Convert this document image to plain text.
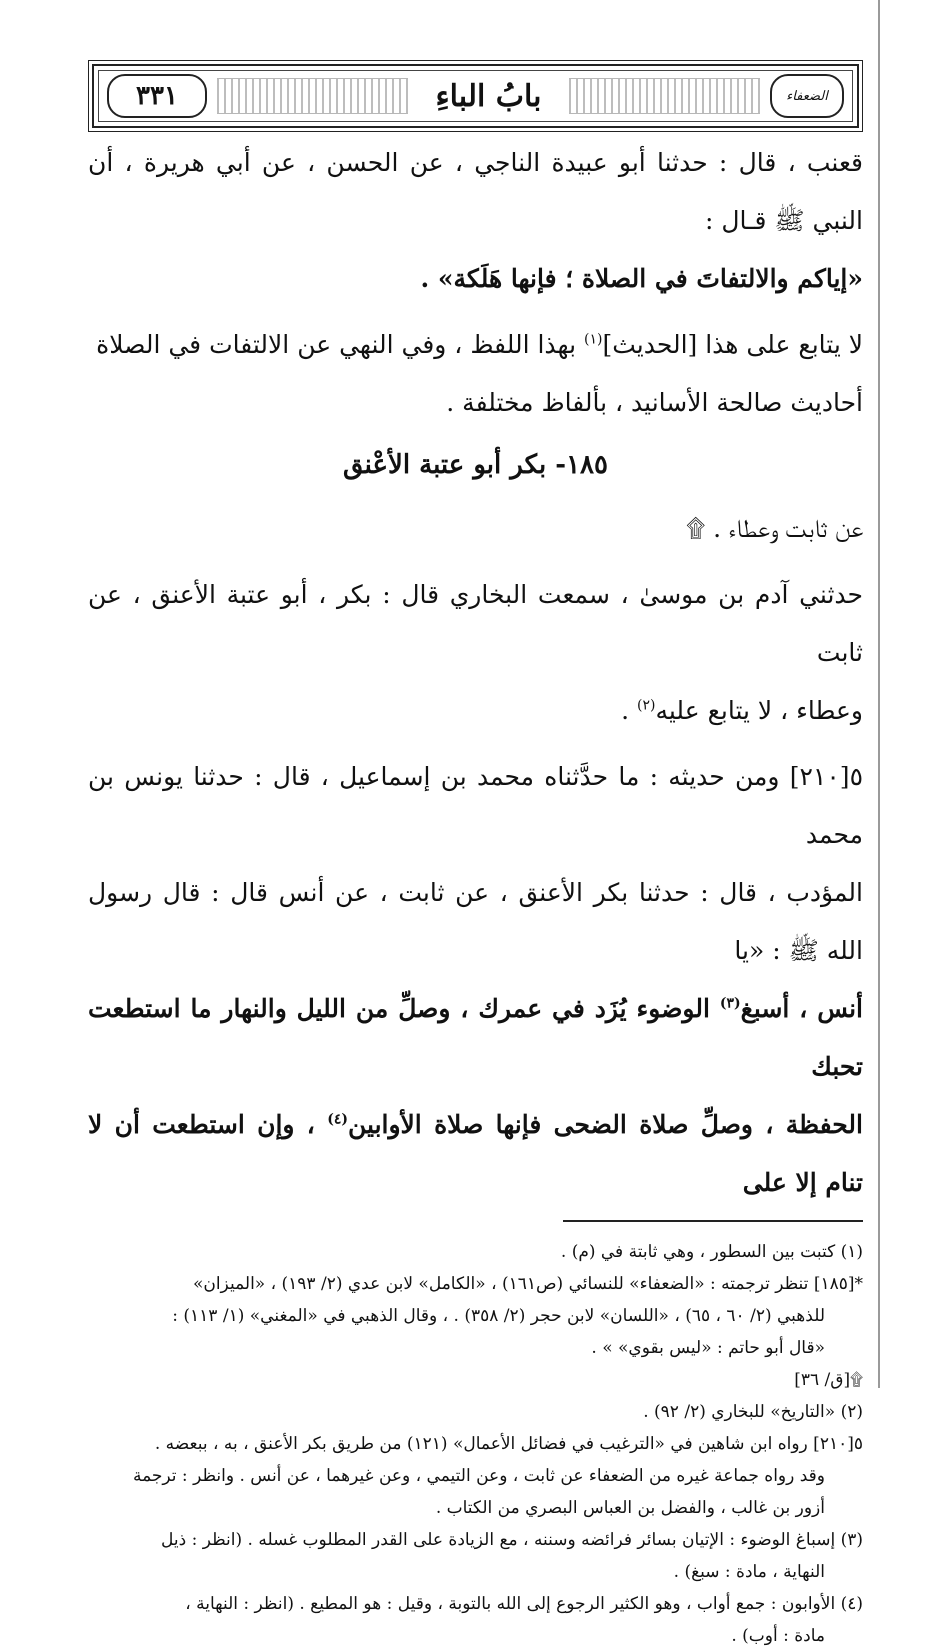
الضعفاء
بابُ الباءِ
٣٣١

قعنب ، قال : حدثنا أبو عبيدة الناجي ، عن الحسن ، عن أبي هريرة ، أن النبي ﷺ قـال :

«إياكم والالتفاتَ في الصلاة ؛ فإنها هَلَكة» .

لا يتابع على هذا [الحديث]$^{(١)}$ بهذا اللفظ ، وفي النهي عن الالتفات في الصلاة

أحاديث صالحة الأسانيد ، بألفاظ مختلفة .

١٨٥- بكر أبو عتبة الأعْنق

عن ثابت وعطاء . ۩

حدثني آدم بن موسىٰ ، سمعت البخاري قال : بكر ، أبو عتبة الأعنق ، عن ثابت

وعطاء ، لا يتابع عليه$^{(٢)}$ .

٥[٢١٠] ومن حديثه : ما حدَّثناه محمد بن إسماعيل ، قال : حدثنا يونس بن محمد

المؤدب ، قال : حدثنا بكر الأعنق ، عن ثابت ، عن أنس قال : قال رسول الله ﷺ : «يا

أنس ، أسبغ$^{(٣)}$ الوضوء يُزَد في عمرك ، وصلِّ من الليل والنهار ما استطعت تحبك

الحفظة ، وصلِّ صلاة الضحى فإنها صلاة الأوابين$^{(٤)}$ ، وإن استطعت أن لا تنام إلا على

(١) كتبت بين السطور ، وهي ثابتة في (م) .

*[١٨٥] تنظر ترجمته : «الضعفاء» للنسائي (ص١٦١) ، «الكامل» لابن عدي (٢/ ١٩٣) ، «الميزان»

للذهبي (٢/ ٦٠ ، ٦٥) ، «اللسان» لابن حجر (٢/ ٣٥٨) . ، وقال الذهبي في «المغني» (١/ ١١٣) :

«قال أبو حاتم : «ليس بقوي» » .

۩[ق/ ٣٦]

(٢) «التاريخ» للبخاري (٢/ ٩٢) .

٥[٢١٠] رواه ابن شاهين في «الترغيب في فضائل الأعمال» (١٢١) من طريق بكر الأعنق ، به ، ببعضه .

وقد رواه جماعة غيره من الضعفاء عن ثابت ، وعن التيمي ، وعن غيرهما ، عن أنس . وانظر : ترجمة

أزور بن غالب ، والفضل بن العباس البصري من الكتاب .

(٣) إسباغ الوضوء : الإتيان بسائر فرائضه وسننه ، مع الزيادة على القدر المطلوب غسله . (انظر : ذيل

النهاية ، مادة : سبغ) .

(٤) الأوابون : جمع أواب ، وهو الكثير الرجوع إلى الله بالتوبة ، وقيل : هو المطيع . (انظر : النهاية ،

مادة : أوب) .
